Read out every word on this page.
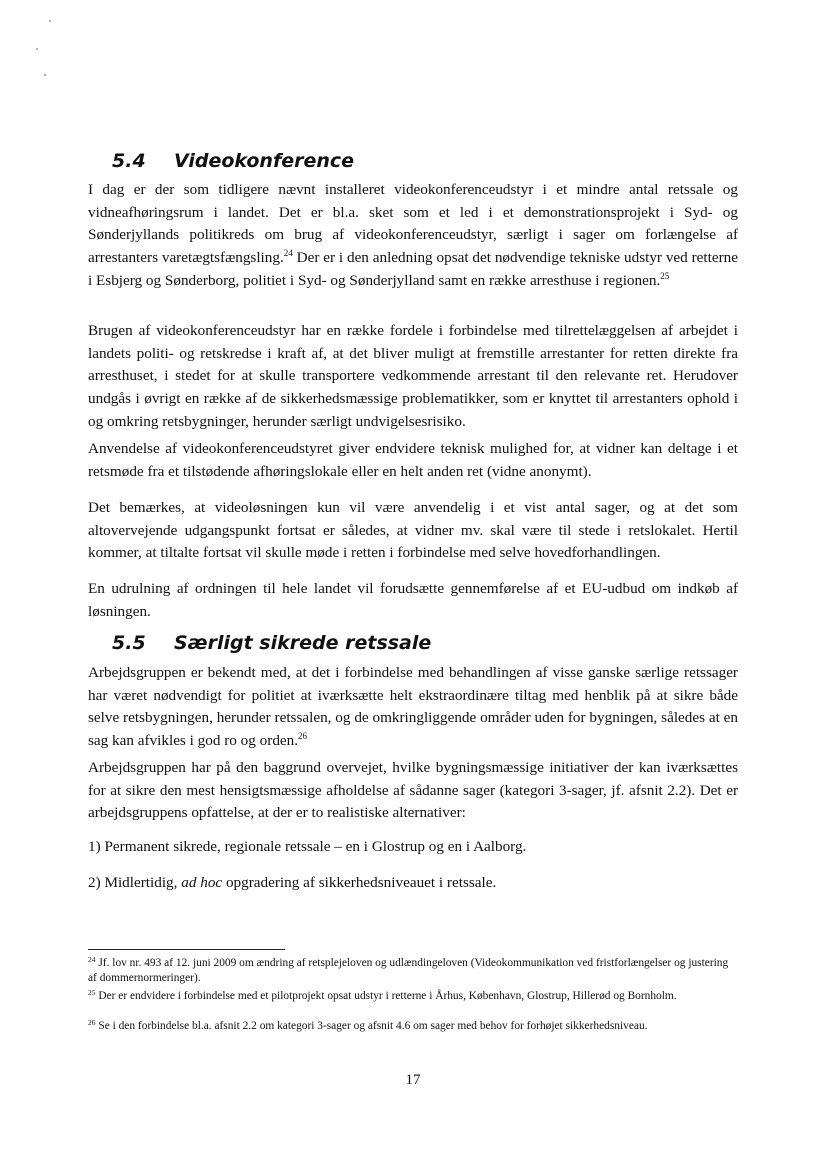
5.4 Videokonference

I dag er der som tidligere nævnt installeret videokonferenceudstyr i et mindre antal retssale og vidneafhøringsrum i landet. Det er bl.a. sket som et led i et demonstrationsprojekt i Syd- og Sønderjyllands politikreds om brug af videokonferenceudstyr, særligt i sager om forlængelse af arrestanters varetægtsfængsling.$^{24}$ Der er i den anledning opsat det nødvendige tekniske udstyr ved retterne i Esbjerg og Sønderborg, politiet i Syd- og Sønderjylland samt en række arresthuse i regionen.$^{25}$

Brugen af videokonferenceudstyr har en række fordele i forbindelse med tilrettelæggelsen af arbejdet i landets politi- og retskredse i kraft af, at det bliver muligt at fremstille arrestanter for retten direkte fra arresthuset, i stedet for at skulle transportere vedkommende arrestant til den relevante ret. Herudover undgås i øvrigt en række af de sikkerhedsmæssige problematikker, som er knyttet til arrestanters ophold i og omkring retsbygninger, herunder særligt undvigelsesrisiko.

Anvendelse af videokonferenceudstyret giver endvidere teknisk mulighed for, at vidner kan deltage i et retsmøde fra et tilstødende afhøringslokale eller en helt anden ret (vidne anonymt).

Det bemærkes, at videoløsningen kun vil være anvendelig i et vist antal sager, og at det som altovervejende udgangspunkt fortsat er således, at vidner mv. skal være til stede i retslokalet. Hertil kommer, at tiltalte fortsat vil skulle møde i retten i forbindelse med selve hovedforhandlingen.

En udrulning af ordningen til hele landet vil forudsætte gennemførelse af et EU-udbud om indkøb af løsningen.

5.5 Særligt sikrede retssale

Arbejdsgruppen er bekendt med, at det i forbindelse med behandlingen af visse ganske særlige retssager har været nødvendigt for politiet at iværksætte helt ekstraordinære tiltag med henblik på at sikre både selve retsbygningen, herunder retssalen, og de omkringliggende områder uden for bygningen, således at en sag kan afvikles i god ro og orden.$^{26}$

Arbejdsgruppen har på den baggrund overvejet, hvilke bygningsmæssige initiativer der kan iværksættes for at sikre den mest hensigtsmæssige afholdelse af sådanne sager (kategori 3-sager, jf. afsnit 2.2). Det er arbejdsgruppens opfattelse, at der er to realistiske alternativer:

1) Permanent sikrede, regionale retssale – en i Glostrup og en i Aalborg.

2) Midlertidig, ad hoc opgradering af sikkerhedsniveauet i retssale.

$^{24}$ Jf. lov nr. 493 af 12. juni 2009 om ændring af retsplejeloven og udlændingeloven (Videokommunikation ved fristforlængelser og justering af dommernormeringer).

$^{25}$ Der er endvidere i forbindelse med et pilotprojekt opsat udstyr i retterne i Århus, København, Glostrup, Hillerød og Bornholm.

$^{26}$ Se i den forbindelse bl.a. afsnit 2.2 om kategori 3-sager og afsnit 4.6 om sager med behov for forhøjet sikkerhedsniveau.

17
